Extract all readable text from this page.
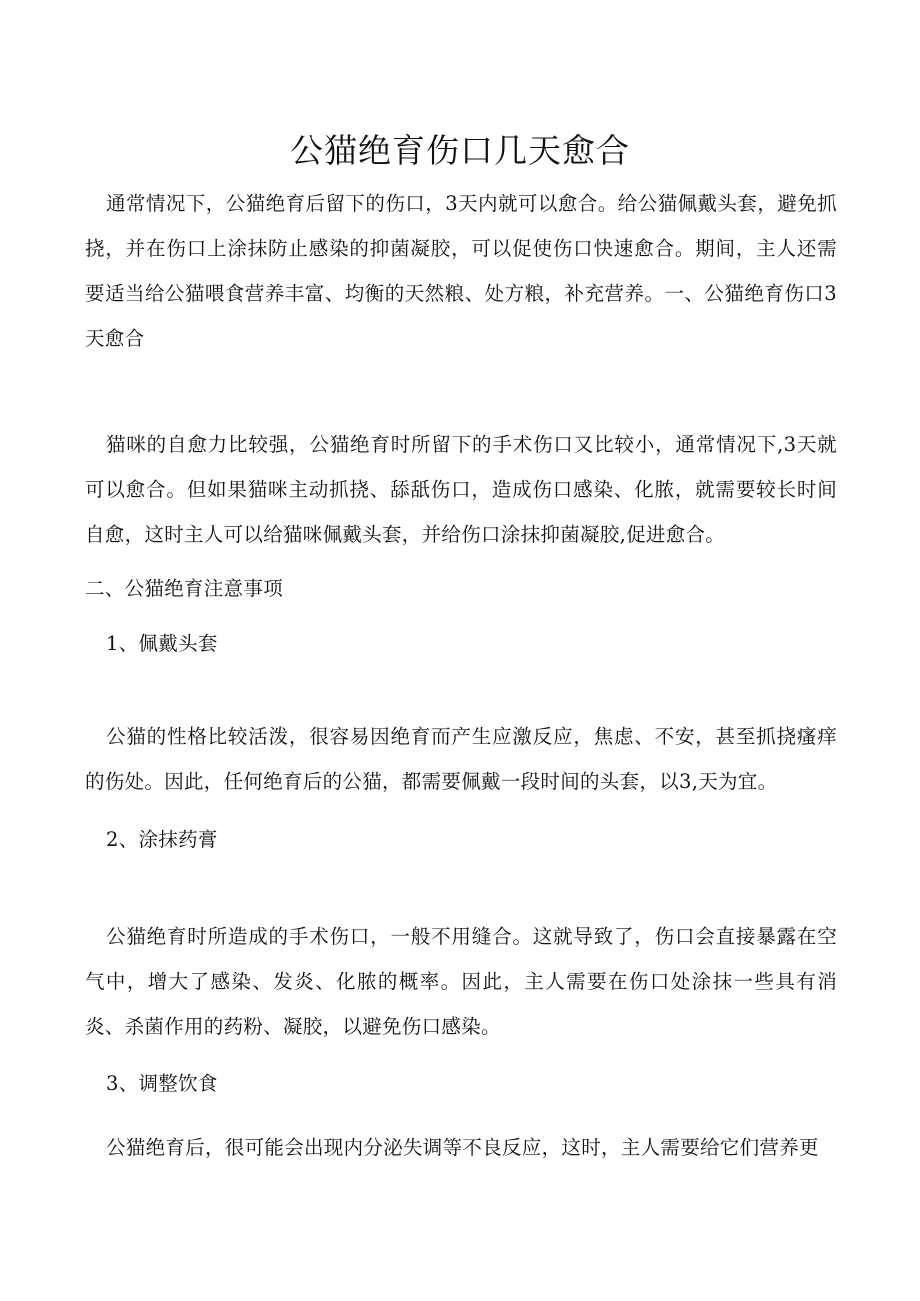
公猫绝育伤口几天愈合

通常情况下，公猫绝育后留下的伤口，3天内就可以愈合。给公猫佩戴头套，避免抓挠，并在伤口上涂抹防止感染的抑菌凝胶，可以促使伤口快速愈合。期间，主人还需要适当给公猫喂食营养丰富、均衡的天然粮、处方粮，补充营养。一、公猫绝育伤口3天愈合

猫咪的自愈力比较强，公猫绝育时所留下的手术伤口又比较小，通常情况下,3天就可以愈合。但如果猫咪主动抓挠、舔舐伤口，造成伤口感染、化脓，就需要较长时间自愈，这时主人可以给猫咪佩戴头套，并给伤口涂抹抑菌凝胶,促进愈合。

二、公猫绝育注意事项

1、佩戴头套

公猫的性格比较活泼，很容易因绝育而产生应激反应，焦虑、不安，甚至抓挠瘙痒的伤处。因此，任何绝育后的公猫，都需要佩戴一段时间的头套，以3,天为宜。

2、涂抹药膏

公猫绝育时所造成的手术伤口，一般不用缝合。这就导致了，伤口会直接暴露在空气中，增大了感染、发炎、化脓的概率。因此，主人需要在伤口处涂抹一些具有消炎、杀菌作用的药粉、凝胶，以避免伤口感染。

3、调整饮食

公猫绝育后，很可能会出现内分泌失调等不良反应，这时，主人需要给它们营养更
